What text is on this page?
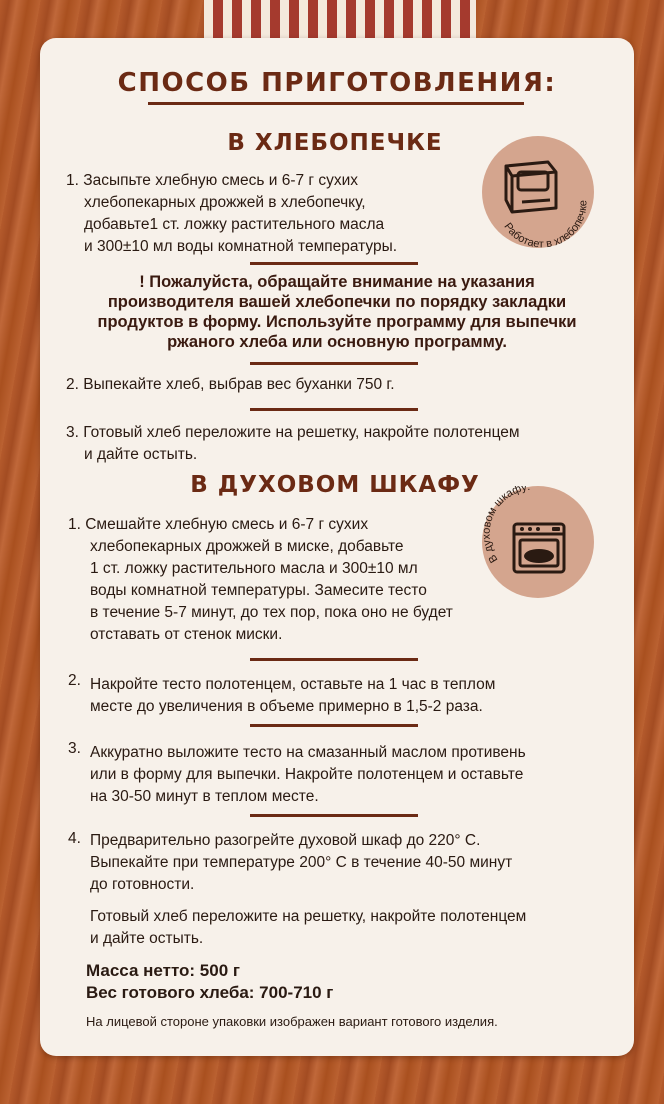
СПОСОБ ПРИГОТОВЛЕНИЯ:
В ХЛЕБОПЕЧКЕ
1. Засыпьте хлебную смесь и 6-7 г сухих
хлебопекарных дрожжей в хлебопечку,
добавьте1 ст. ложку растительного масла
и 300±10 мл воды комнатной температуры.
Работает в хлебопечке
! Пожалуйста, обращайте внимание на указания
производителя вашей хлебопечки по порядку закладки
продуктов в форму. Используйте программу для выпечки
ржаного хлеба или основную программу.
2. Выпекайте хлеб, выбрав вес буханки 750 г.
3. Готовый хлеб переложите на решетку, накройте полотенцем
и дайте остыть.
В ДУХОВОМ ШКАФУ
1. Смешайте хлебную смесь и 6-7 г сухих
хлебопекарных дрожжей в миске, добавьте
1 ст. ложку растительного масла и 300±10 мл
воды комнатной температуры. Замесите тесто
в течение 5-7 минут, до тех пор, пока оно не будет
отставать от стенок миски.
В ду вом шкафу:
2. Накройте тесто полотенцем, оставьте на 1 час в теплом
месте до увеличения в объеме примерно в 1,5-2 раза.
3. Аккуратно выложите тесто на смазанный маслом противень
или в форму для выпечки. Накройте полотенцем и оставьте
на 30-50 минут в теплом месте.
4. Предварительно разогрейте духовой шкаф до 220° С.
Выпекайте при температуре 200° С в течение 40-50 минут
до готовности.
Готовый хлеб переложите на решетку, накройте полотенцем
и дайте остыть.
Масса нетто: 500 г
Вес готового хлеба: 700-710 г
На лицевой стороне упаковки изображен вариант готового изделия.
